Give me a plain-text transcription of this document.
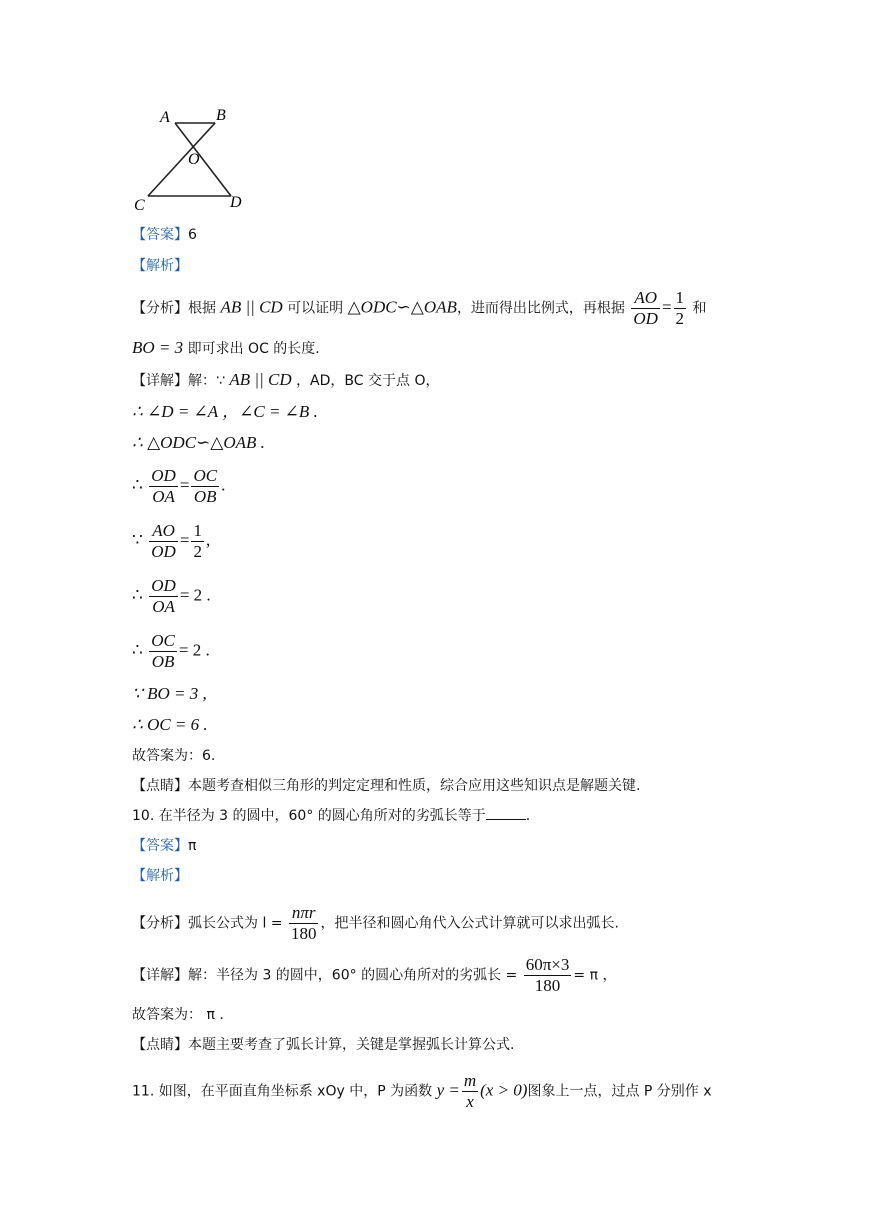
A	B
O
C	D
【答案】6
【解析】
【分析】根据 AB || CD 可以证明 △ODC∽△OAB，进而得出比例式，再根据 $\frac{AO}{OD} = \frac{1}{2}$ 和
BO = 3 即可求出 OC 的长度.
【详解】解：∵ AB || CD ，AD，BC 交于点 O，
∴ ∠D = ∠A ，∠C = ∠B .
∴ △ODC∽△OAB .
∴ $\frac{OD}{OA} = \frac{OC}{OB}$ .
∵ $\frac{AO}{OD} = \frac{1}{2}$ ,
∴ $\frac{OD}{OA} = 2$ .
∴ $\frac{OC}{OB} = 2$ .
∵ BO = 3 ,
∴ OC = 6 .
故答案为：6.
【点睛】本题考查相似三角形的判定定理和性质，综合应用这些知识点是解题关键.
10. 在半径为 3 的圆中，60° 的圆心角所对的劣弧长等于	.
【答案】π
【解析】
【分析】弧长公式为 $l = \frac{\text{nπr}}{180}$ ，把半径和圆心角代入公式计算就可以求出弧长.
【详解】解：半径为 3 的圆中，60° 的圆心角所对的劣弧长 = $\frac{60\pi\times 3}{180} = \pi$ ，
故答案为： π .
【点睛】本题主要考查了弧长计算，关键是掌握弧长计算公式.
11. 如图，在平面直角坐标系 xOy 中，P 为函数 $y = \frac{m}{x} (x > 0)$图象上一点，过点 P 分别作 x
